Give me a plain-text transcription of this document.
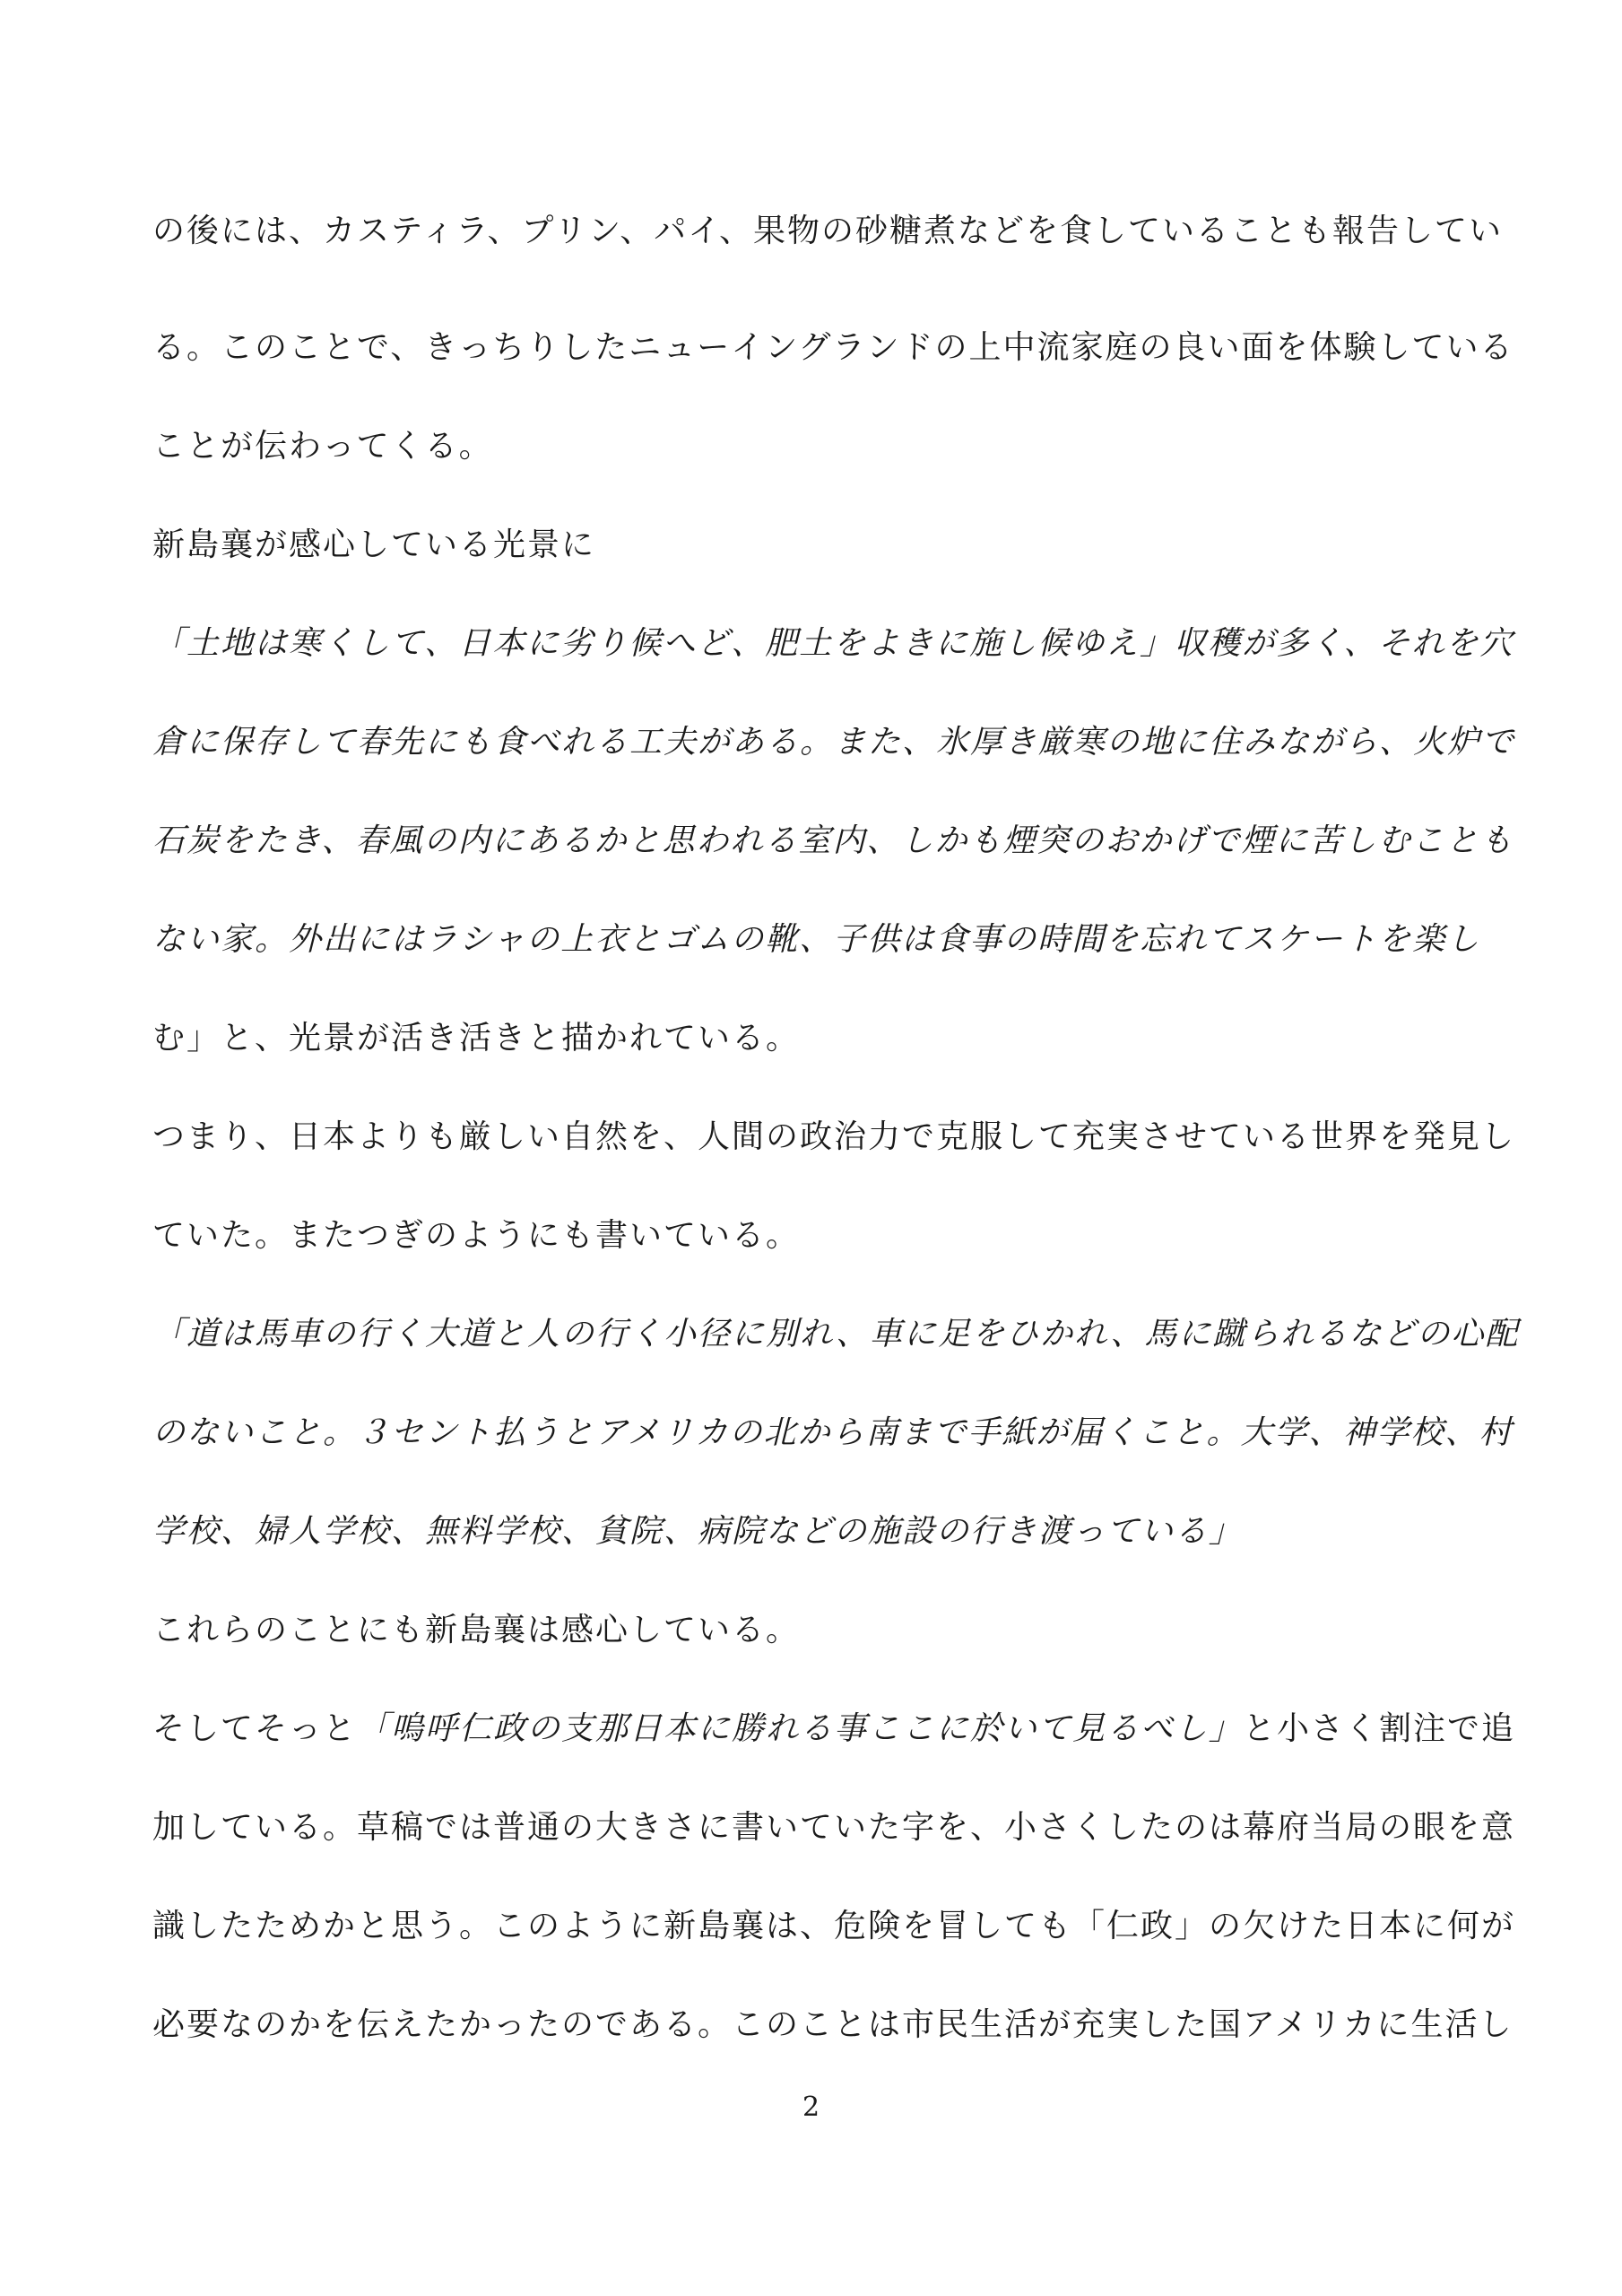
の後には、カスティラ、プリン、パイ、果物の砂糖煮などを食していることも報告してい
る。このことで、きっちりしたニューイングランドの上中流家庭の良い面を体験している
ことが伝わってくる。
新島襄が感心している光景に
「土地は寒くして、日本に劣り候へど、肥土をよきに施し候ゆえ」収穫が多く、それを穴
倉に保存して春先にも食べれる工夫がある。また、氷厚き厳寒の地に住みながら、火炉で
石炭をたき、春風の内にあるかと思われる室内、しかも煙突のおかげで煙に苦しむことも
ない家。外出にはラシャの上衣とゴムの靴、子供は食事の時間を忘れてスケートを楽し
む」と、光景が活き活きと描かれている。
つまり、日本よりも厳しい自然を、人間の政治力で克服して充実させている世界を発見し
ていた。またつぎのようにも書いている。
「道は馬車の行く大道と人の行く小径に別れ、車に足をひかれ、馬に蹴られるなどの心配
のないこと。３セント払うとアメリカの北から南まで手紙が届くこと。大学、神学校、村
学校、婦人学校、無料学校、貧院、病院などの施設の行き渡っている」
これらのことにも新島襄は感心している。
そしてそっと「嗚呼仁政の支那日本に勝れる事ここに於いて見るべし」と小さく割注で追
加している。草稿では普通の大きさに書いていた字を、小さくしたのは幕府当局の眼を意
識したためかと思う。このように新島襄は、危険を冒しても「仁政」の欠けた日本に何が
必要なのかを伝えたかったのである。このことは市民生活が充実した国アメリカに生活し
2
